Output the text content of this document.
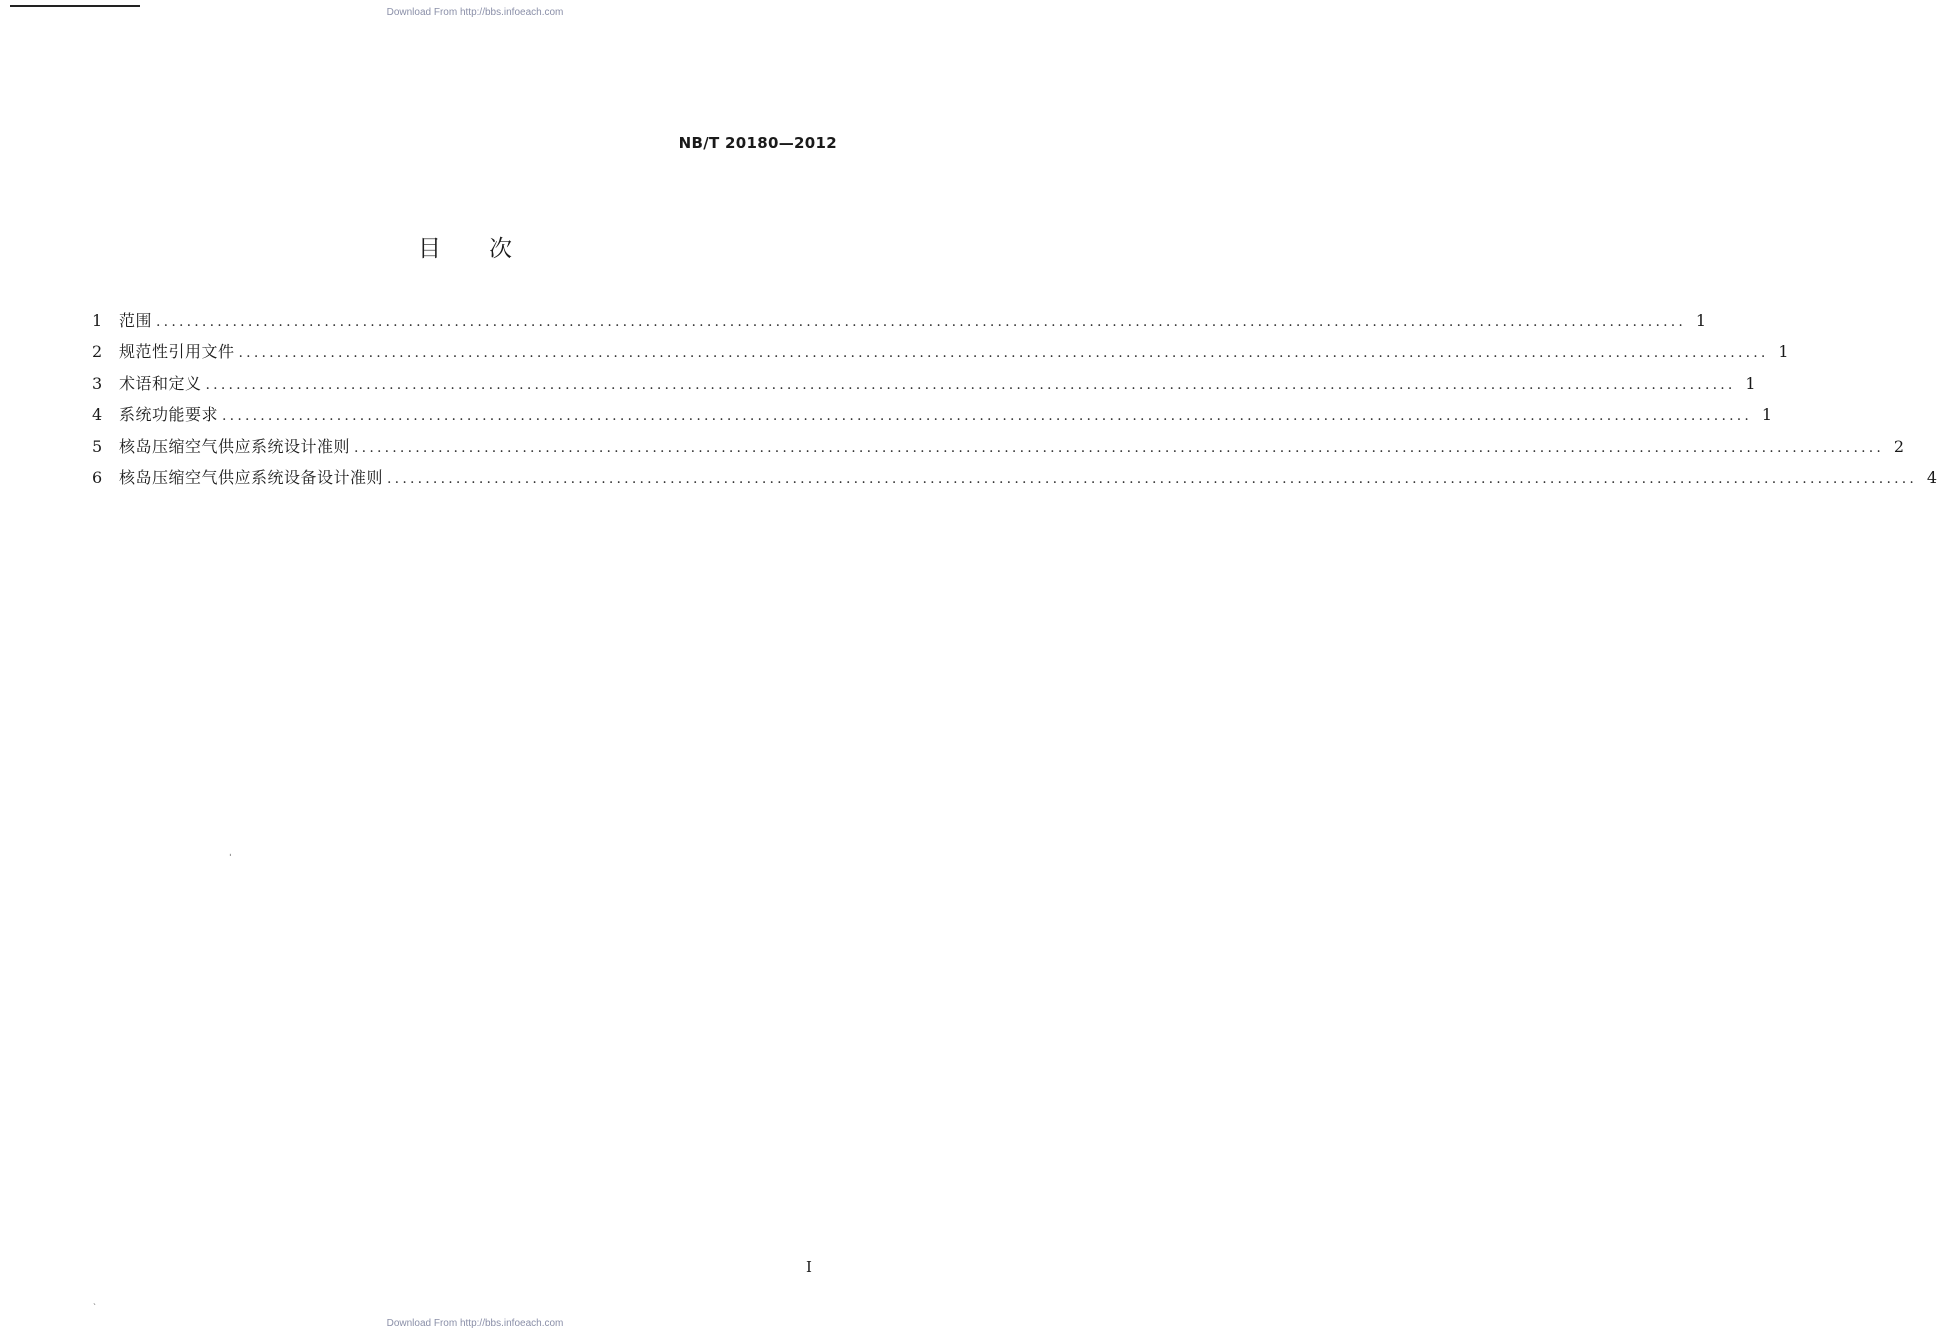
Download From http://bbs.infoeach.com
NB/T 20180—2012
目次
1	范围 ........................................................................................................................................................................................................ 1
2	规范性引用文件 ........................................................................................................................................................................................................ 1
3	术语和定义 ........................................................................................................................................................................................................ 1
4	系统功能要求 ........................................................................................................................................................................................................ 1
5	核岛压缩空气供应系统设计准则 ........................................................................................................................................................................................................ 2
6	核岛压缩空气供应系统设备设计准则 ........................................................................................................................................................................................................ 4
ˌ
ˏ
I
Download From http://bbs.infoeach.com
